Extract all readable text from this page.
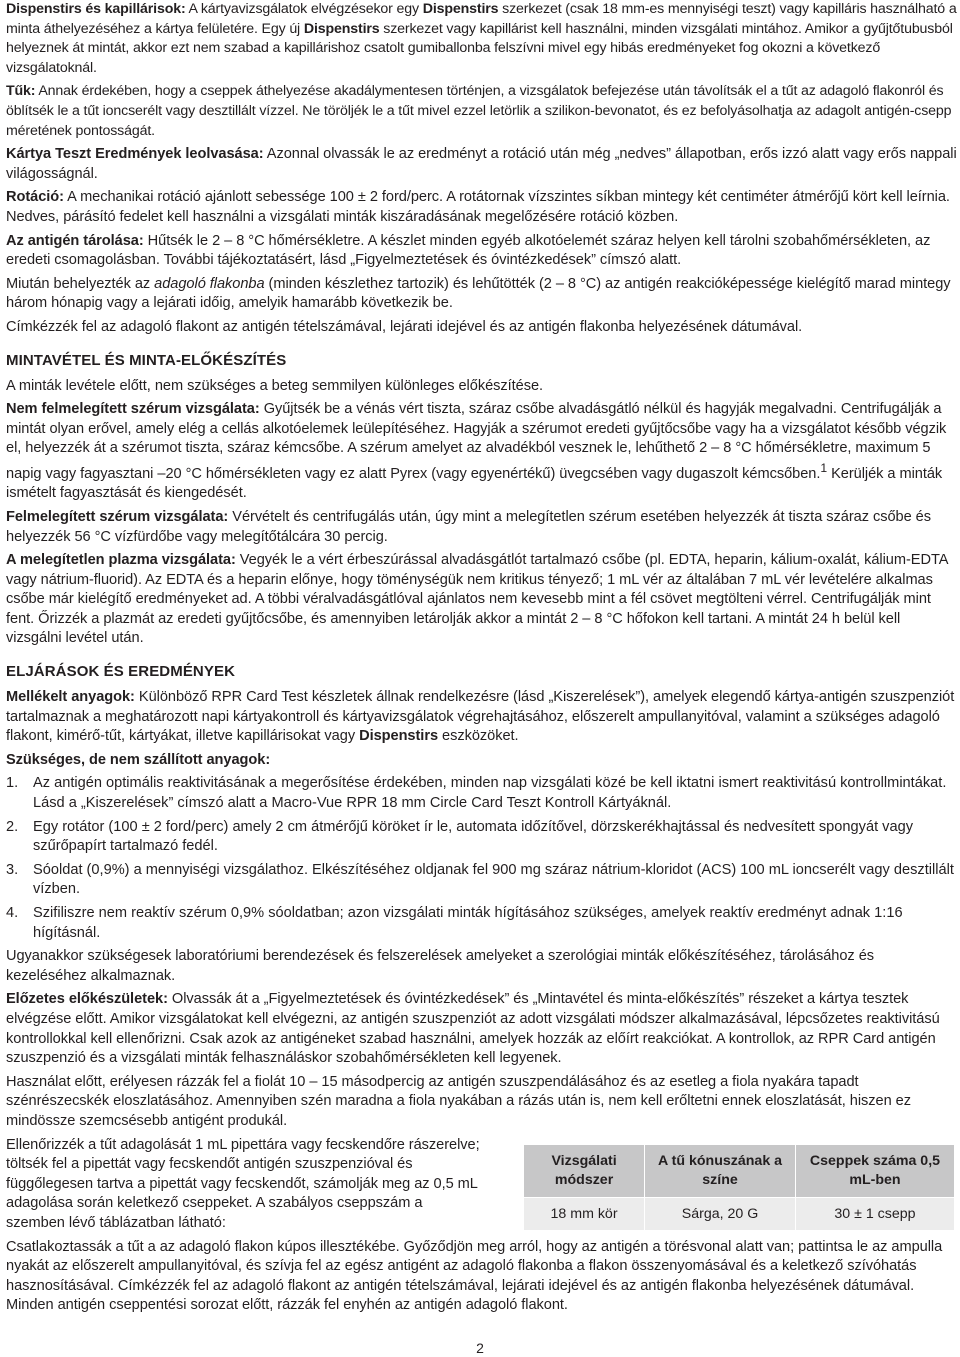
Dispenstirs és kapillárisok: A kártyavizsgálatok elvégzésekor egy Dispenstirs szerkezet (csak 18 mm-es mennyiségi teszt) vagy kapilláris használható a minta áthelyezéséhez a kártya felületére. Egy új Dispenstirs szerkezet vagy kapillárist kell használni, minden vizsgálati mintához. Amikor a gyűjtőtubusból helyeznek át mintát, akkor ezt nem szabad a kapillárishoz csatolt gumiballonba felszívni mivel egy hibás eredményeket fog okozni a következő vizsgálatoknál.

Tűk: Annak érdekében, hogy a cseppek áthelyezése akadálymentesen történjen, a vizsgálatok befejezése után távolítsák el a tűt az adagoló flakonról és öblítsék le a tűt ioncserélt vagy desztillált vízzel. Ne töröljék le a tűt mivel ezzel letörlik a szilikon-bevonatot, és ez befolyásolhatja az adagolt antigén-csepp méretének pontosságát.

Kártya Teszt Eredmények leolvasása: Azonnal olvassák le az eredményt a rotáció után még „nedves” állapotban, erős izzó alatt vagy erős nappali világosságnál.

Rotáció: A mechanikai rotáció ajánlott sebessége 100 ± 2 ford/perc. A rotátornak vízszintes síkban mintegy két centiméter átmérőjű kört kell leírnia. Nedves, párásító fedelet kell használni a vizsgálati minták kiszáradásának megelőzésére rotáció közben.

Az antigén tárolása: Hűtsék le 2 – 8 °C hőmérsékletre. A készlet minden egyéb alkotóelemét száraz helyen kell tárolni szobahőmérsékleten, az eredeti csomagolásban. További tájékoztatásért, lásd „Figyelmeztetések és óvintézkedések” címszó alatt.

Miután behelyezték az adagoló flakonba (minden készlethez tartozik) és lehűtötték (2 – 8 °C) az antigén reakcióképessége kielégítő marad mintegy három hónapig vagy a lejárati időig, amelyik hamarább következik be.

Címkézzék fel az adagoló flakont az antigén tételszámával, lejárati idejével és az antigén flakonba helyezésének dátumával.

MINTAVÉTEL ÉS MINTA-ELŐKÉSZÍTÉS

A minták levétele előtt, nem szükséges a beteg semmilyen különleges előkészítése.

Nem felmelegített szérum vizsgálata: Gyűjtsék be a vénás vért tiszta, száraz csőbe alvadásgátló nélkül és hagyják megalvadni. Centrifugálják a mintát olyan erővel, amely elég a cellás alkotóelemek leülepítéséhez. Hagyják a szérumot eredeti gyűjtőcsőbe vagy ha a vizsgálatot később végzik el, helyezzék át a szérumot tiszta, száraz kémcsőbe. A szérum amelyet az alvadékból vesznek le, lehűthető 2 – 8 °C hőmérsékletre, maximum 5 napig vagy fagyasztani –20 °C hőmérsékleten vagy ez alatt Pyrex (vagy egyenértékű) üvegcsében vagy dugaszolt kémcsőben.$^1$ Kerüljék a minták ismételt fagyasztását és kiengedését.

Felmelegített szérum vizsgálata: Vérvételt és centrifugálás után, úgy mint a melegítetlen szérum esetében helyezzék át tiszta száraz csőbe és helyezzék 56 °C vízfürdőbe vagy melegítőtálcára 30 percig.

A melegítetlen plazma vizsgálata: Vegyék le a vért érbeszúrással alvadásgátlót tartalmazó csőbe (pl. EDTA, heparin, kálium-oxalát, kálium-EDTA vagy nátrium-fluorid). Az EDTA és a heparin előnye, hogy töménységük nem kritikus tényező; 1 mL vér az általában 7 mL vér levételére alkalmas csőbe már kielégítő eredményeket ad. A többi véralvadásgátlóval ajánlatos nem kevesebb mint a fél csövet megtölteni vérrel. Centrifugálják mint fent. Őrizzék a plazmát az eredeti gyűjtőcsőbe, és amennyiben letárolják akkor a mintát 2 – 8 °C hőfokon kell tartani. A mintát 24 h belül kell vizsgálni levétel után.

ELJÁRÁSOK ÉS EREDMÉNYEK

Mellékelt anyagok: Különböző RPR Card Test készletek állnak rendelkezésre (lásd „Kiszerelések”), amelyek elegendő kártya-antigén szuszpenziót tartalmaznak a meghatározott napi kártyakontroll és kártyavizsgálatok végrehajtásához, előszerelt ampullanyitóval, valamint a szükséges adagoló flakont, kimérő-tűt, kártyákat, illetve kapillárisokat vagy Dispenstirs eszközöket.

Szükséges, de nem szállított anyagok:

1. Az antigén optimális reaktivitásának a megerősítése érdekében, minden nap vizsgálati közé be kell iktatni ismert reaktivitású kontrollmintákat. Lásd a „Kiszerelések” címszó alatt a Macro-Vue RPR 18 mm Circle Card Teszt Kontroll Kártyáknál.
2. Egy rotátor (100 ± 2 ford/perc) amely 2 cm átmérőjű köröket ír le, automata időzítővel, dörzskerékhajtással és nedvesített spongyát vagy szűrőpapírt tartalmazó fedél.
3. Sóoldat (0,9%) a mennyiségi vizsgálathoz. Elkészítéséhez oldjanak fel 900 mg száraz nátrium-kloridot (ACS) 100 mL ioncserélt vagy desztillált vízben.
4. Szifiliszre nem reaktív szérum 0,9% sóoldatban; azon vizsgálati minták hígításához szükséges, amelyek reaktív eredményt adnak 1:16 hígításnál.

Ugyanakkor szükségesek laboratóriumi berendezések és felszerelések amelyeket a szerológiai minták előkészítéséhez, tárolásához és kezeléséhez alkalmaznak.

Előzetes előkészületek: Olvassák át a „Figyelmeztetések és óvintézkedések” és „Mintavétel és minta-előkészítés” részeket a kártya tesztek elvégzése előtt. Amikor vizsgálatokat kell elvégezni, az antigén szuszpenziót az adott vizsgálati módszer alkalmazásával, lépcsőzetes reaktivitású kontrollokkal kell ellenőrizni. Csak azok az antigéneket szabad használni, amelyek hozzák az előírt reakciókat. A kontrollok, az RPR Card antigén szuszpenzió és a vizsgálati minták felhasználáskor szobahőmérsékleten kell legyenek.

Használat előtt, erélyesen rázzák fel a fiolát 10 – 15 másodpercig az antigén szuszpendálásához és az esetleg a fiola nyakára tapadt szénrészecskék eloszlatásához. Amennyiben szén maradna a fiola nyakában a rázás után is, nem kell erőltetni ennek eloszlatását, hiszen ez mindössze szemcsésebb antigént produkál.

Ellenőrizzék a tűt adagolását 1 mL pipettára vagy fecskendőre rászerelve; töltsék fel a pipettát vagy fecskendőt antigén szuszpenzióval és függőlegesen tartva a pipettát vagy fecskendőt, számolják meg az 0,5 mL adagolása során keletkező cseppeket. A szabályos cseppszám a szemben lévő táblázatban látható:

Vizsgálati módszer	A tű kónuszának a színe	Cseppek száma 0,5 mL-ben
18 mm kör	Sárga, 20 G	30 ± 1 csepp

Csatlakoztassák a tűt a az adagoló flakon kúpos illesztékébe. Győződjön meg arról, hogy az antigén a törésvonal alatt van; pattintsa le az ampulla nyakát az előszerelt ampullanyitóval, és szívja fel az egész antigént az adagoló flakonba a flakon összenyomásával és a keletkező szívóhatás hasznosításával. Címkézzék fel az adagoló flakont az antigén tételszámával, lejárati idejével és az antigén flakonba helyezésének dátumával. Minden antigén cseppentési sorozat előtt, rázzák fel enyhén az antigén adagoló flakont.

2
